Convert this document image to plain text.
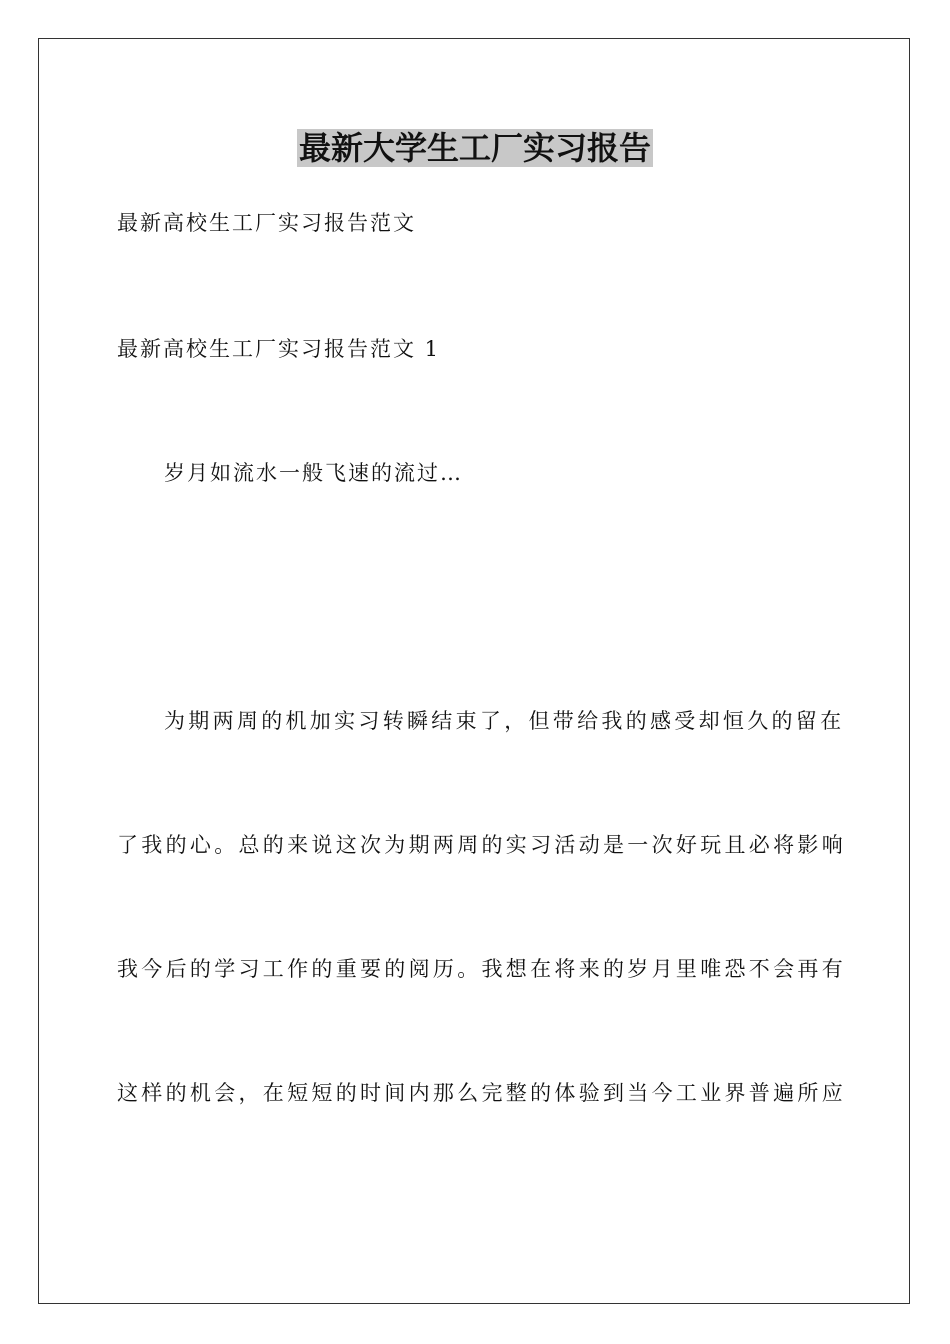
最新大学生工厂实习报告

最新高校生工厂实习报告范文

最新高校生工厂实习报告范文 1

岁月如流水一般飞速的流过…

为期两周的机加实习转瞬结束了，但带给我的感受却恒久的留在

了我的心。总的来说这次为期两周的实习活动是一次好玩且必将影响

我今后的学习工作的重要的阅历。我想在将来的岁月里唯恐不会再有

这样的机会，在短短的时间内那么完整的体验到当今工业界普遍所应
